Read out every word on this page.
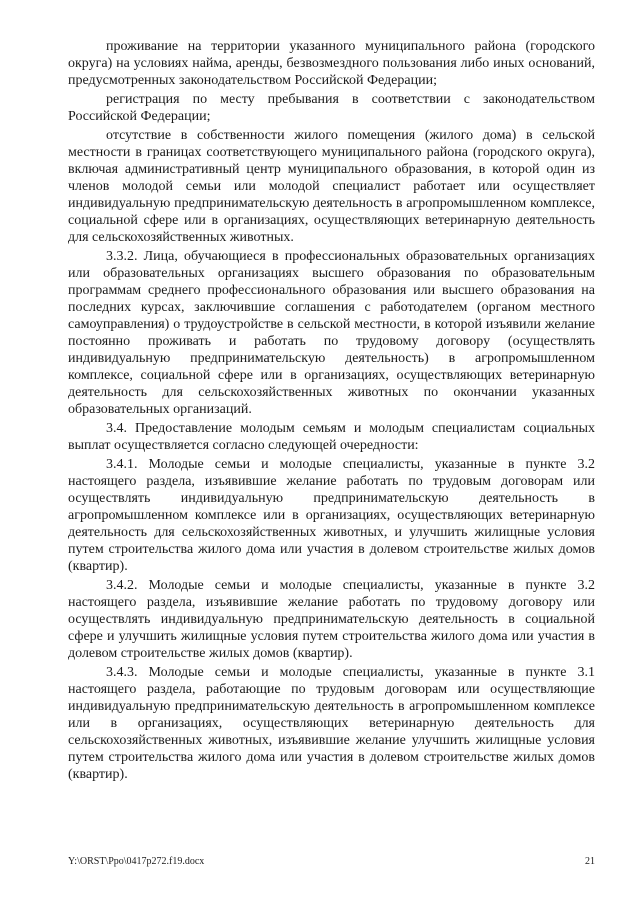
проживание на территории указанного муниципального района (городского округа) на условиях найма, аренды, безвозмездного пользования либо иных оснований, предусмотренных законодательством Российской Федерации;

регистрация по месту пребывания в соответствии с законодательством Российской Федерации;

отсутствие в собственности жилого помещения (жилого дома) в сельской местности в границах соответствующего муниципального района (городского округа), включая административный центр муниципального образования, в которой один из членов молодой семьи или молодой специалист работает или осуществляет индивидуальную предпринимательскую деятельность в агропромышленном комплексе, социальной сфере или в организациях, осуществляющих ветеринарную деятельность для сельскохозяйственных животных.

3.3.2. Лица, обучающиеся в профессиональных образовательных организациях или образовательных организациях высшего образования по образовательным программам среднего профессионального образования или высшего образования на последних курсах, заключившие соглашения с работодателем (органом местного самоуправления) о трудоустройстве в сельской местности, в которой изъявили желание постоянно проживать и работать по трудовому договору (осуществлять индивидуальную предпринимательскую деятельность) в агропромышленном комплексе, социальной сфере или в организациях, осуществляющих ветеринарную деятельность для сельскохозяйственных животных по окончании указанных образовательных организаций.

3.4. Предоставление молодым семьям и молодым специалистам социальных выплат осуществляется согласно следующей очередности:

3.4.1. Молодые семьи и молодые специалисты, указанные в пункте 3.2 настоящего раздела, изъявившие желание работать по трудовым договорам или осуществлять индивидуальную предпринимательскую деятельность в агропромышленном комплексе или в организациях, осуществляющих ветеринарную деятельность для сельскохозяйственных животных, и улучшить жилищные условия путем строительства жилого дома или участия в долевом строительстве жилых домов (квартир).

3.4.2. Молодые семьи и молодые специалисты, указанные в пункте 3.2 настоящего раздела, изъявившие желание работать по трудовому договору или осуществлять индивидуальную предпринимательскую деятельность в социальной сфере и улучшить жилищные условия путем строительства жилого дома или участия в долевом строительстве жилых домов (квартир).

3.4.3. Молодые семьи и молодые специалисты, указанные в пункте 3.1 настоящего раздела, работающие по трудовым договорам или осуществляющие индивидуальную предпринимательскую деятельность в агропромышленном комплексе или в организациях, осуществляющих ветеринарную деятельность для сельскохозяйственных животных, изъявившие желание улучшить жилищные условия путем строительства жилого дома или участия в долевом строительстве жилых домов (квартир).

Y:\ORST\Ppo\0417p272.f19.docx	21
